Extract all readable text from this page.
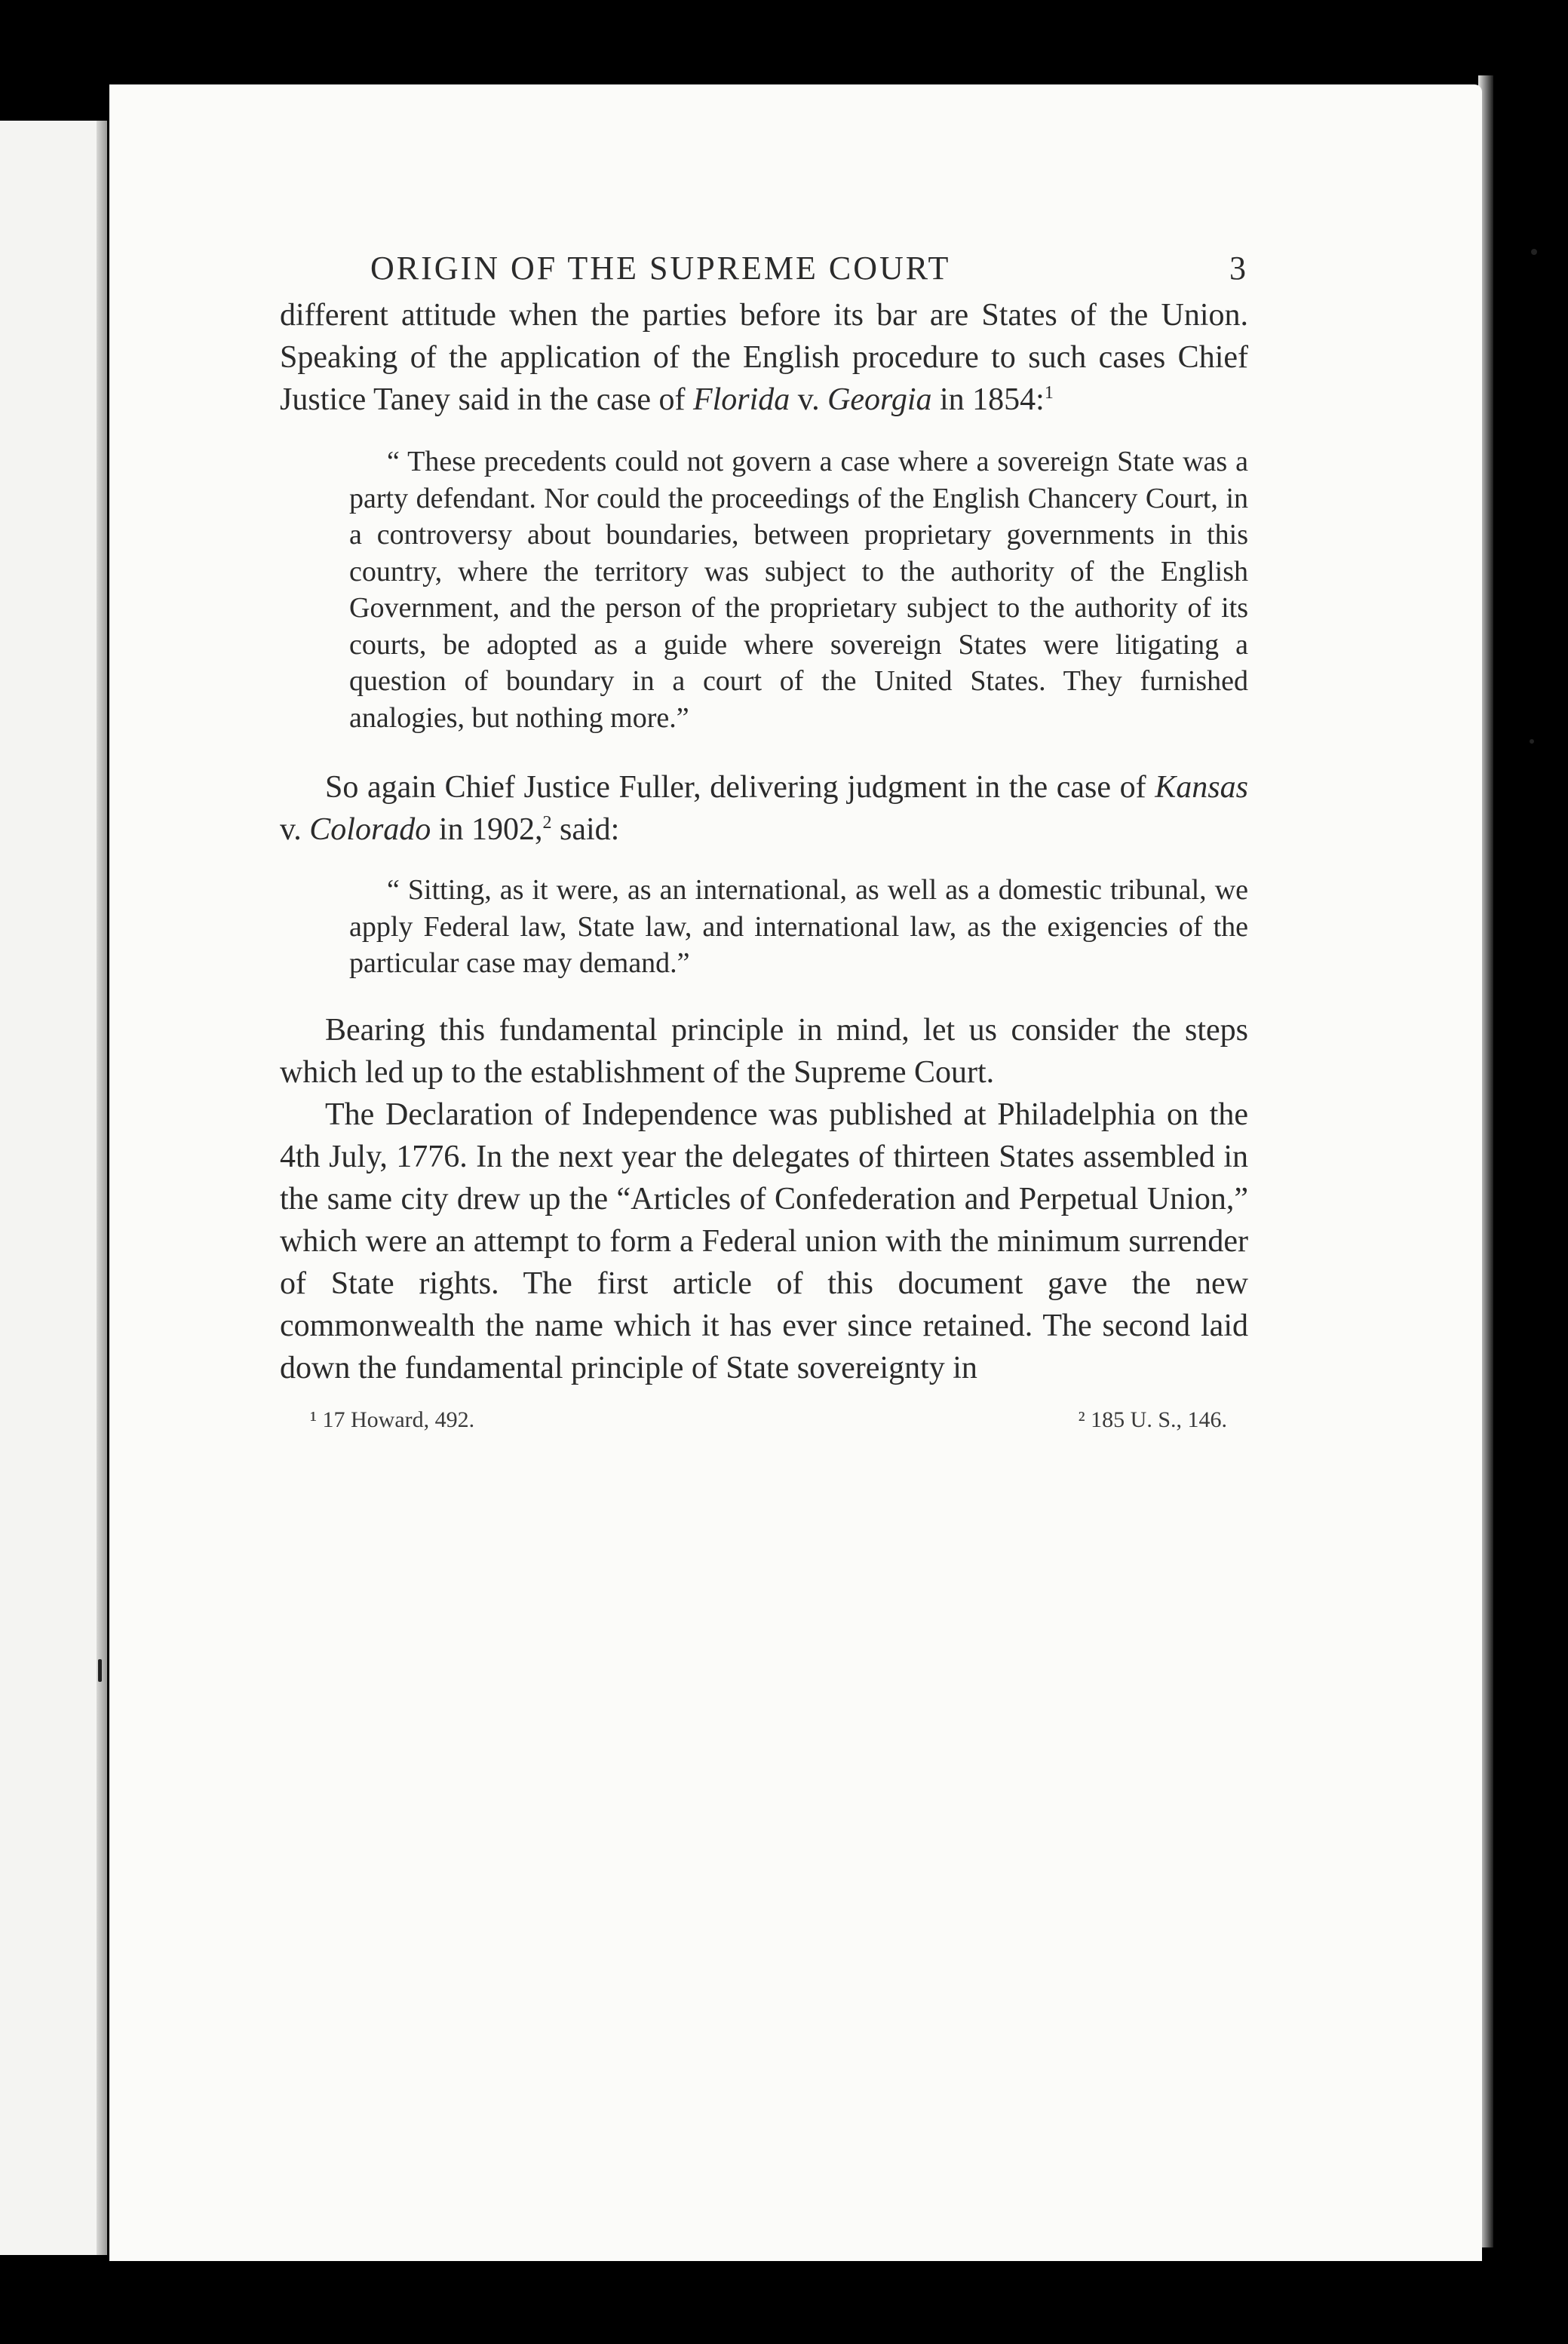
ORIGIN OF THE SUPREME COURT	3

different attitude when the parties before its bar are States of the Union. Speaking of the application of the English procedure to such cases Chief Justice Taney said in the case of Florida v. Georgia in 1854:$^1$

“ These precedents could not govern a case where a sovereign State was a party defendant. Nor could the proceedings of the English Chancery Court, in a controversy about boundaries, between proprietary governments in this country, where the territory was subject to the authority of the English Government, and the person of the proprietary subject to the authority of its courts, be adopted as a guide where sovereign States were litigating a question of boundary in a court of the United States. They furnished analogies, but nothing more.”

So again Chief Justice Fuller, delivering judgment in the case of Kansas v. Colorado in 1902,$^2$ said:

“ Sitting, as it were, as an international, as well as a domestic tribunal, we apply Federal law, State law, and international law, as the exigencies of the particular case may demand.”

Bearing this fundamental principle in mind, let us consider the steps which led up to the establishment of the Supreme Court.

The Declaration of Independence was published at Philadelphia on the 4th July, 1776. In the next year the delegates of thirteen States assembled in the same city drew up the “Articles of Confederation and Perpetual Union,” which were an attempt to form a Federal union with the minimum surrender of State rights. The first article of this document gave the new commonwealth the name which it has ever since retained. The second laid down the fundamental principle of State sovereignty in

¹ 17 Howard, 492.	² 185 U. S., 146.
